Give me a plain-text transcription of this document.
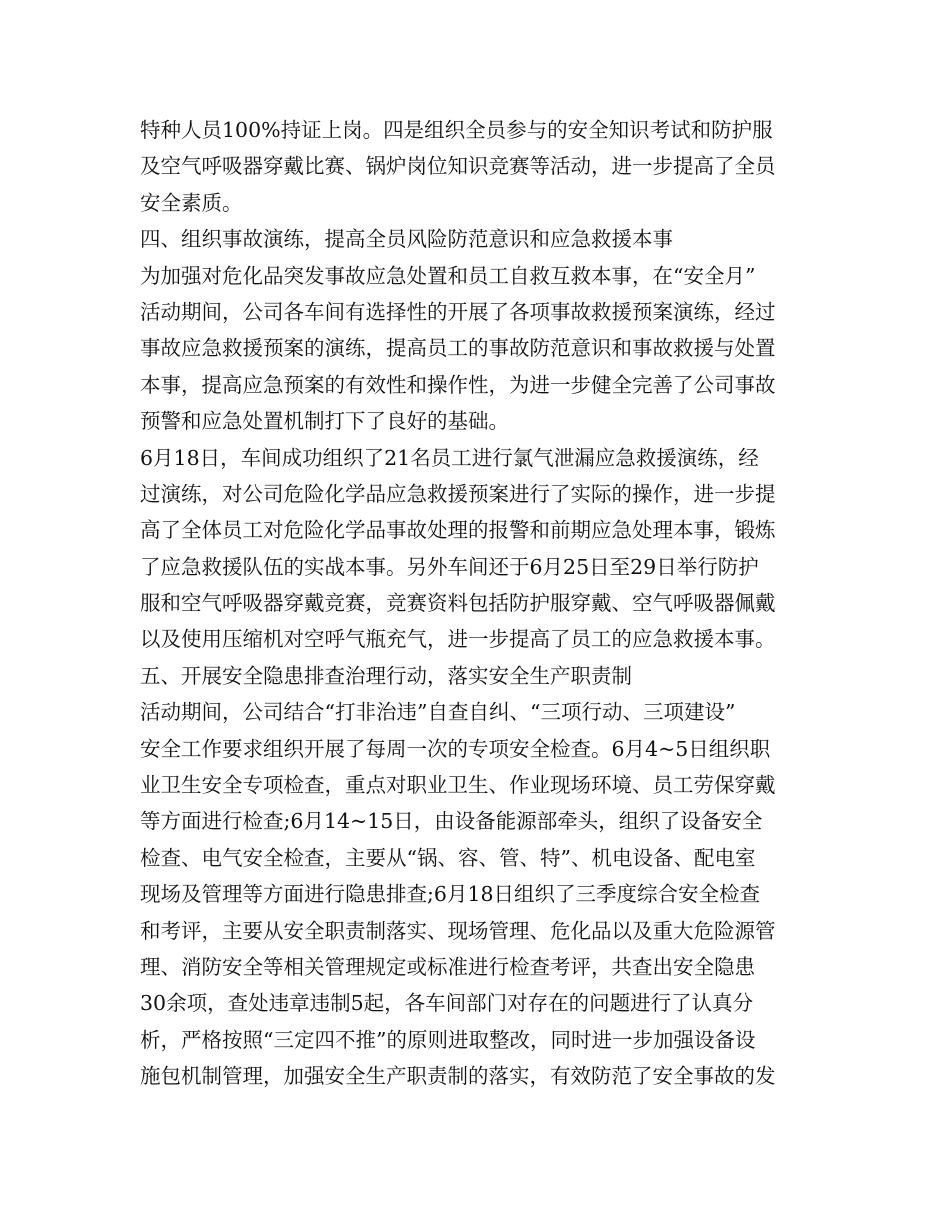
特种人员100%持证上岗。四是组织全员参与的安全知识考试和防护服
及空气呼吸器穿戴比赛、锅炉岗位知识竞赛等活动，进一步提高了全员
安全素质。
四、组织事故演练，提高全员风险防范意识和应急救援本事
为加强对危化品突发事故应急处置和员工自救互救本事，在“安全月”
活动期间，公司各车间有选择性的开展了各项事故救援预案演练，经过
事故应急救援预案的演练，提高员工的事故防范意识和事故救援与处置
本事，提高应急预案的有效性和操作性，为进一步健全完善了公司事故
预警和应急处置机制打下了良好的基础。
6月18日，车间成功组织了21名员工进行氯气泄漏应急救援演练，经
过演练，对公司危险化学品应急救援预案进行了实际的操作，进一步提
高了全体员工对危险化学品事故处理的报警和前期应急处理本事，锻炼
了应急救援队伍的实战本事。另外车间还于6月25日至29日举行防护
服和空气呼吸器穿戴竞赛，竞赛资料包括防护服穿戴、空气呼吸器佩戴
以及使用压缩机对空呼气瓶充气，进一步提高了员工的应急救援本事。
五、开展安全隐患排查治理行动，落实安全生产职责制
活动期间，公司结合“打非治违”自查自纠、“三项行动、三项建设”
安全工作要求组织开展了每周一次的专项安全检查。6月4~5日组织职
业卫生安全专项检查，重点对职业卫生、作业现场环境、员工劳保穿戴
等方面进行检查;6月14~15日，由设备能源部牵头，组织了设备安全
检查、电气安全检查，主要从“锅、容、管、特”、机电设备、配电室
现场及管理等方面进行隐患排查;6月18日组织了三季度综合安全检查
和考评，主要从安全职责制落实、现场管理、危化品以及重大危险源管
理、消防安全等相关管理规定或标准进行检查考评，共查出安全隐患
30余项，查处违章违制5起，各车间部门对存在的问题进行了认真分
析，严格按照“三定四不推”的原则进取整改，同时进一步加强设备设
施包机制管理，加强安全生产职责制的落实，有效防范了安全事故的发
